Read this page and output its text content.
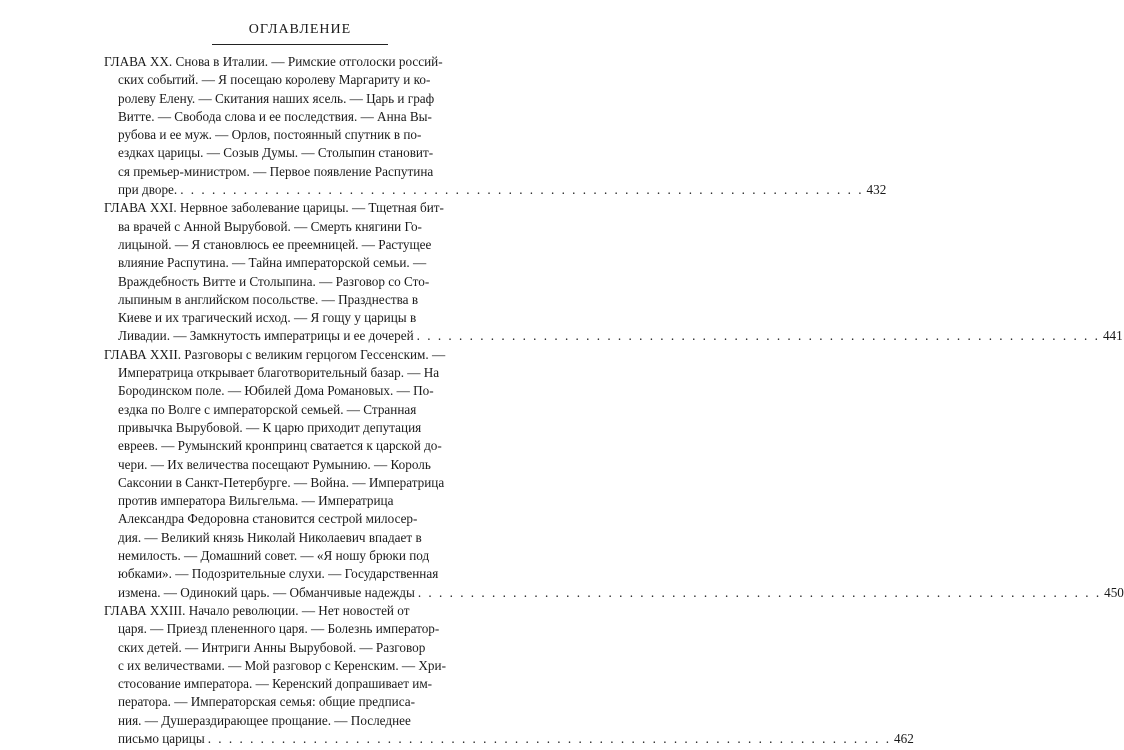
ОГЛАВЛЕНИЕ
ГЛАВА XX. Снова в Италии. — Римские отголоски россий-
ских событий. — Я посещаю королеву Маргариту и ко-
ролеву Елену. — Скитания наших ясель. — Царь и граф
Витте. — Свобода слова и ее последствия. — Анна Вы-
рубова и ее муж. — Орлов, постоянный спутник в по-
ездках царицы. — Созыв Думы. — Столыпин становит-
ся премьер-министром. — Первое появление Распутина
при дворе. . . . . . . . . . . . . . . . . . . . . . . . . . . . . . . . . . . . . . . . . . . . . . . . . . . . . . . . . . . . . . . . . . 432
ГЛАВА XXI. Нервное заболевание царицы. — Тщетная бит-
ва врачей с Анной Вырубовой. — Смерть княгини Го-
лицыной. — Я становлюсь ее преемницей. — Растущее
влияние Распутина. — Тайна императорской семьи. —
Враждебность Витте и Столыпина. — Разговор со Сто-
лыпиным в английском посольстве. — Празднества в
Киеве и их трагический исход. — Я гощу у царицы в
Ливадии. — Замкнутость императрицы и ее дочерей . . . . . . . . . . . . . . . . . . . . . . . . . . . . . . . . . . . . . . . . . . . . . . . . . . . . . . . . . . . . . . . . . 441
ГЛАВА XXII. Разговоры с великим герцогом Гессенским. —
Императрица открывает благотворительный базар. — На
Бородинском поле. — Юбилей Дома Романовых. — По-
ездка по Волге с императорской семьей. — Странная
привычка Вырубовой. — К царю приходит депутация
евреев. — Румынский кронпринц сватается к царской до-
чери. — Их величества посещают Румынию. — Король
Саксонии в Санкт-Петербурге. — Война. — Императрица
против императора Вильгельма. — Императрица
Александра Федоровна становится сестрой милосер-
дия. — Великий князь Николай Николаевич впадает в
немилость. — Домашний совет. — «Я ношу брюки под
юбками». — Подозрительные слухи. — Государственная
измена. — Одинокий царь. — Обманчивые надежды . . . . . . . . . . . . . . . . . . . . . . . . . . . . . . . . . . . . . . . . . . . . . . . . . . . . . . . . . . . . . . . . . 450
ГЛАВА XXIII. Начало революции. — Нет новостей от
царя. — Приезд плененного царя. — Болезнь император-
ских детей. — Интриги Анны Вырубовой. — Разговор
с их величествами. — Мой разговор с Керенским. — Хри-
стосование императора. — Керенский допрашивает им-
ператора. — Императорская семья: общие предписа-
ния. — Душераздирающее прощание. — Последнее
письмо царицы . . . . . . . . . . . . . . . . . . . . . . . . . . . . . . . . . . . . . . . . . . . . . . . . . . . . . . . . . . . . . . . . . 462
